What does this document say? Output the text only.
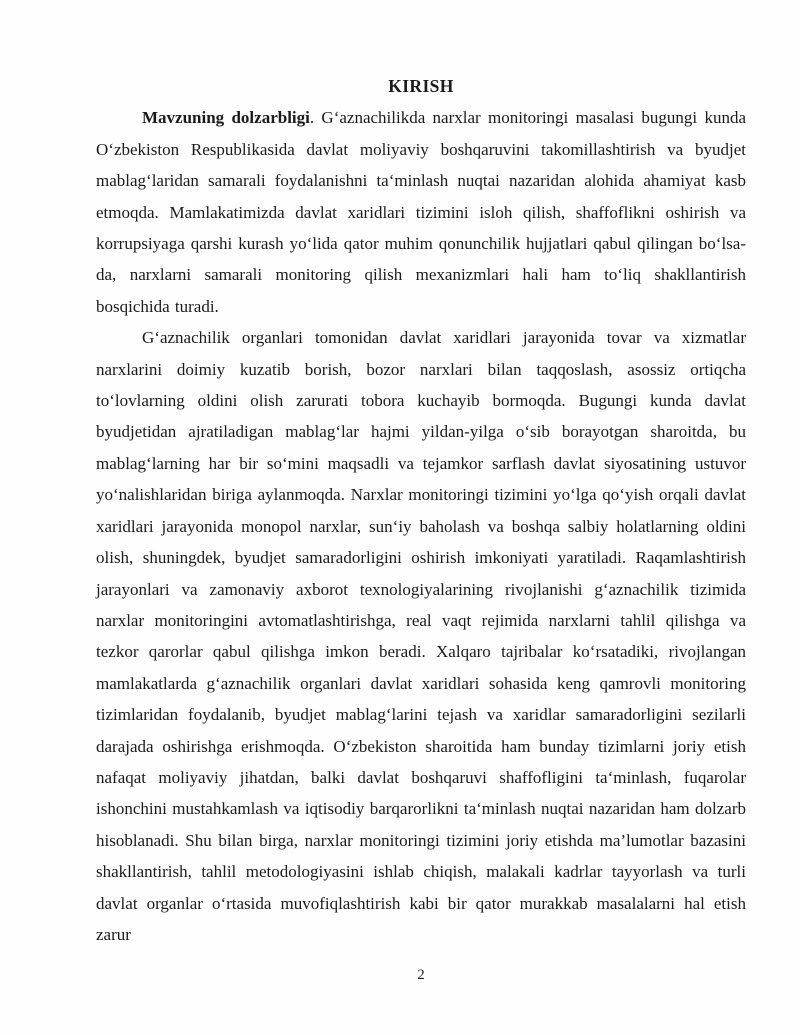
KIRISH

Mavzuning dolzarbligi. G‘aznachilikda narxlar monitoringi masalasi bugungi kunda O‘zbekiston Respublikasida davlat moliyaviy boshqaruvini takomillashtirish va byudjet mablag‘laridan samarali foydalanishni ta‘minlash nuqtai nazaridan alohida ahamiyat kasb etmoqda. Mamlakatimizda davlat xaridlari tizimini isloh qilish, shaffoflikni oshirish va korrupsiyaga qarshi kurash yo‘lida qator muhim qonunchilik hujjatlari qabul qilingan bo‘lsa-da, narxlarni samarali monitoring qilish mexanizmlari hali ham to‘liq shakllantirish bosqichida turadi.

G‘aznachilik organlari tomonidan davlat xaridlari jarayonida tovar va xizmatlar narxlarini doimiy kuzatib borish, bozor narxlari bilan taqqoslash, asossiz ortiqcha to‘lovlarning oldini olish zarurati tobora kuchayib bormoqda. Bugungi kunda davlat byudjetidan ajratiladigan mablag‘lar hajmi yildan-yilga o‘sib borayotgan sharoitda, bu mablag‘larning har bir so‘mini maqsadli va tejamkor sarflash davlat siyosatining ustuvor yo‘nalishlaridan biriga aylanmoqda. Narxlar monitoringi tizimini yo‘lga qo‘yish orqali davlat xaridlari jarayonida monopol narxlar, sun‘iy baholash va boshqa salbiy holatlarning oldini olish, shuningdek, byudjet samaradorligini oshirish imkoniyati yaratiladi. Raqamlashtirish jarayonlari va zamonaviy axborot texnologiyalarining rivojlanishi g‘aznachilik tizimida narxlar monitoringini avtomatlashtirishga, real vaqt rejimida narxlarni tahlil qilishga va tezkor qarorlar qabul qilishga imkon beradi. Xalqaro tajribalar ko‘rsatadiki, rivojlangan mamlakatlarda g‘aznachilik organlari davlat xaridlari sohasida keng qamrovli monitoring tizimlaridan foydalanib, byudjet mablag‘larini tejash va xaridlar samaradorligini sezilarli darajada oshirishga erishmoqda. O‘zbekiston sharoitida ham bunday tizimlarni joriy etish nafaqat moliyaviy jihatdan, balki davlat boshqaruvi shaffofligini ta‘minlash, fuqarolar ishonchini mustahkamlash va iqtisodiy barqarorlikni ta‘minlash nuqtai nazaridan ham dolzarb hisoblanadi. Shu bilan birga, narxlar monitoringi tizimini joriy etishda ma’lumotlar bazasini shakllantirish, tahlil metodologiyasini ishlab chiqish, malakali kadrlar tayyorlash va turli davlat organlar o‘rtasida muvofiqlashtirish kabi bir qator murakkab masalalarni hal etish zarur

2
